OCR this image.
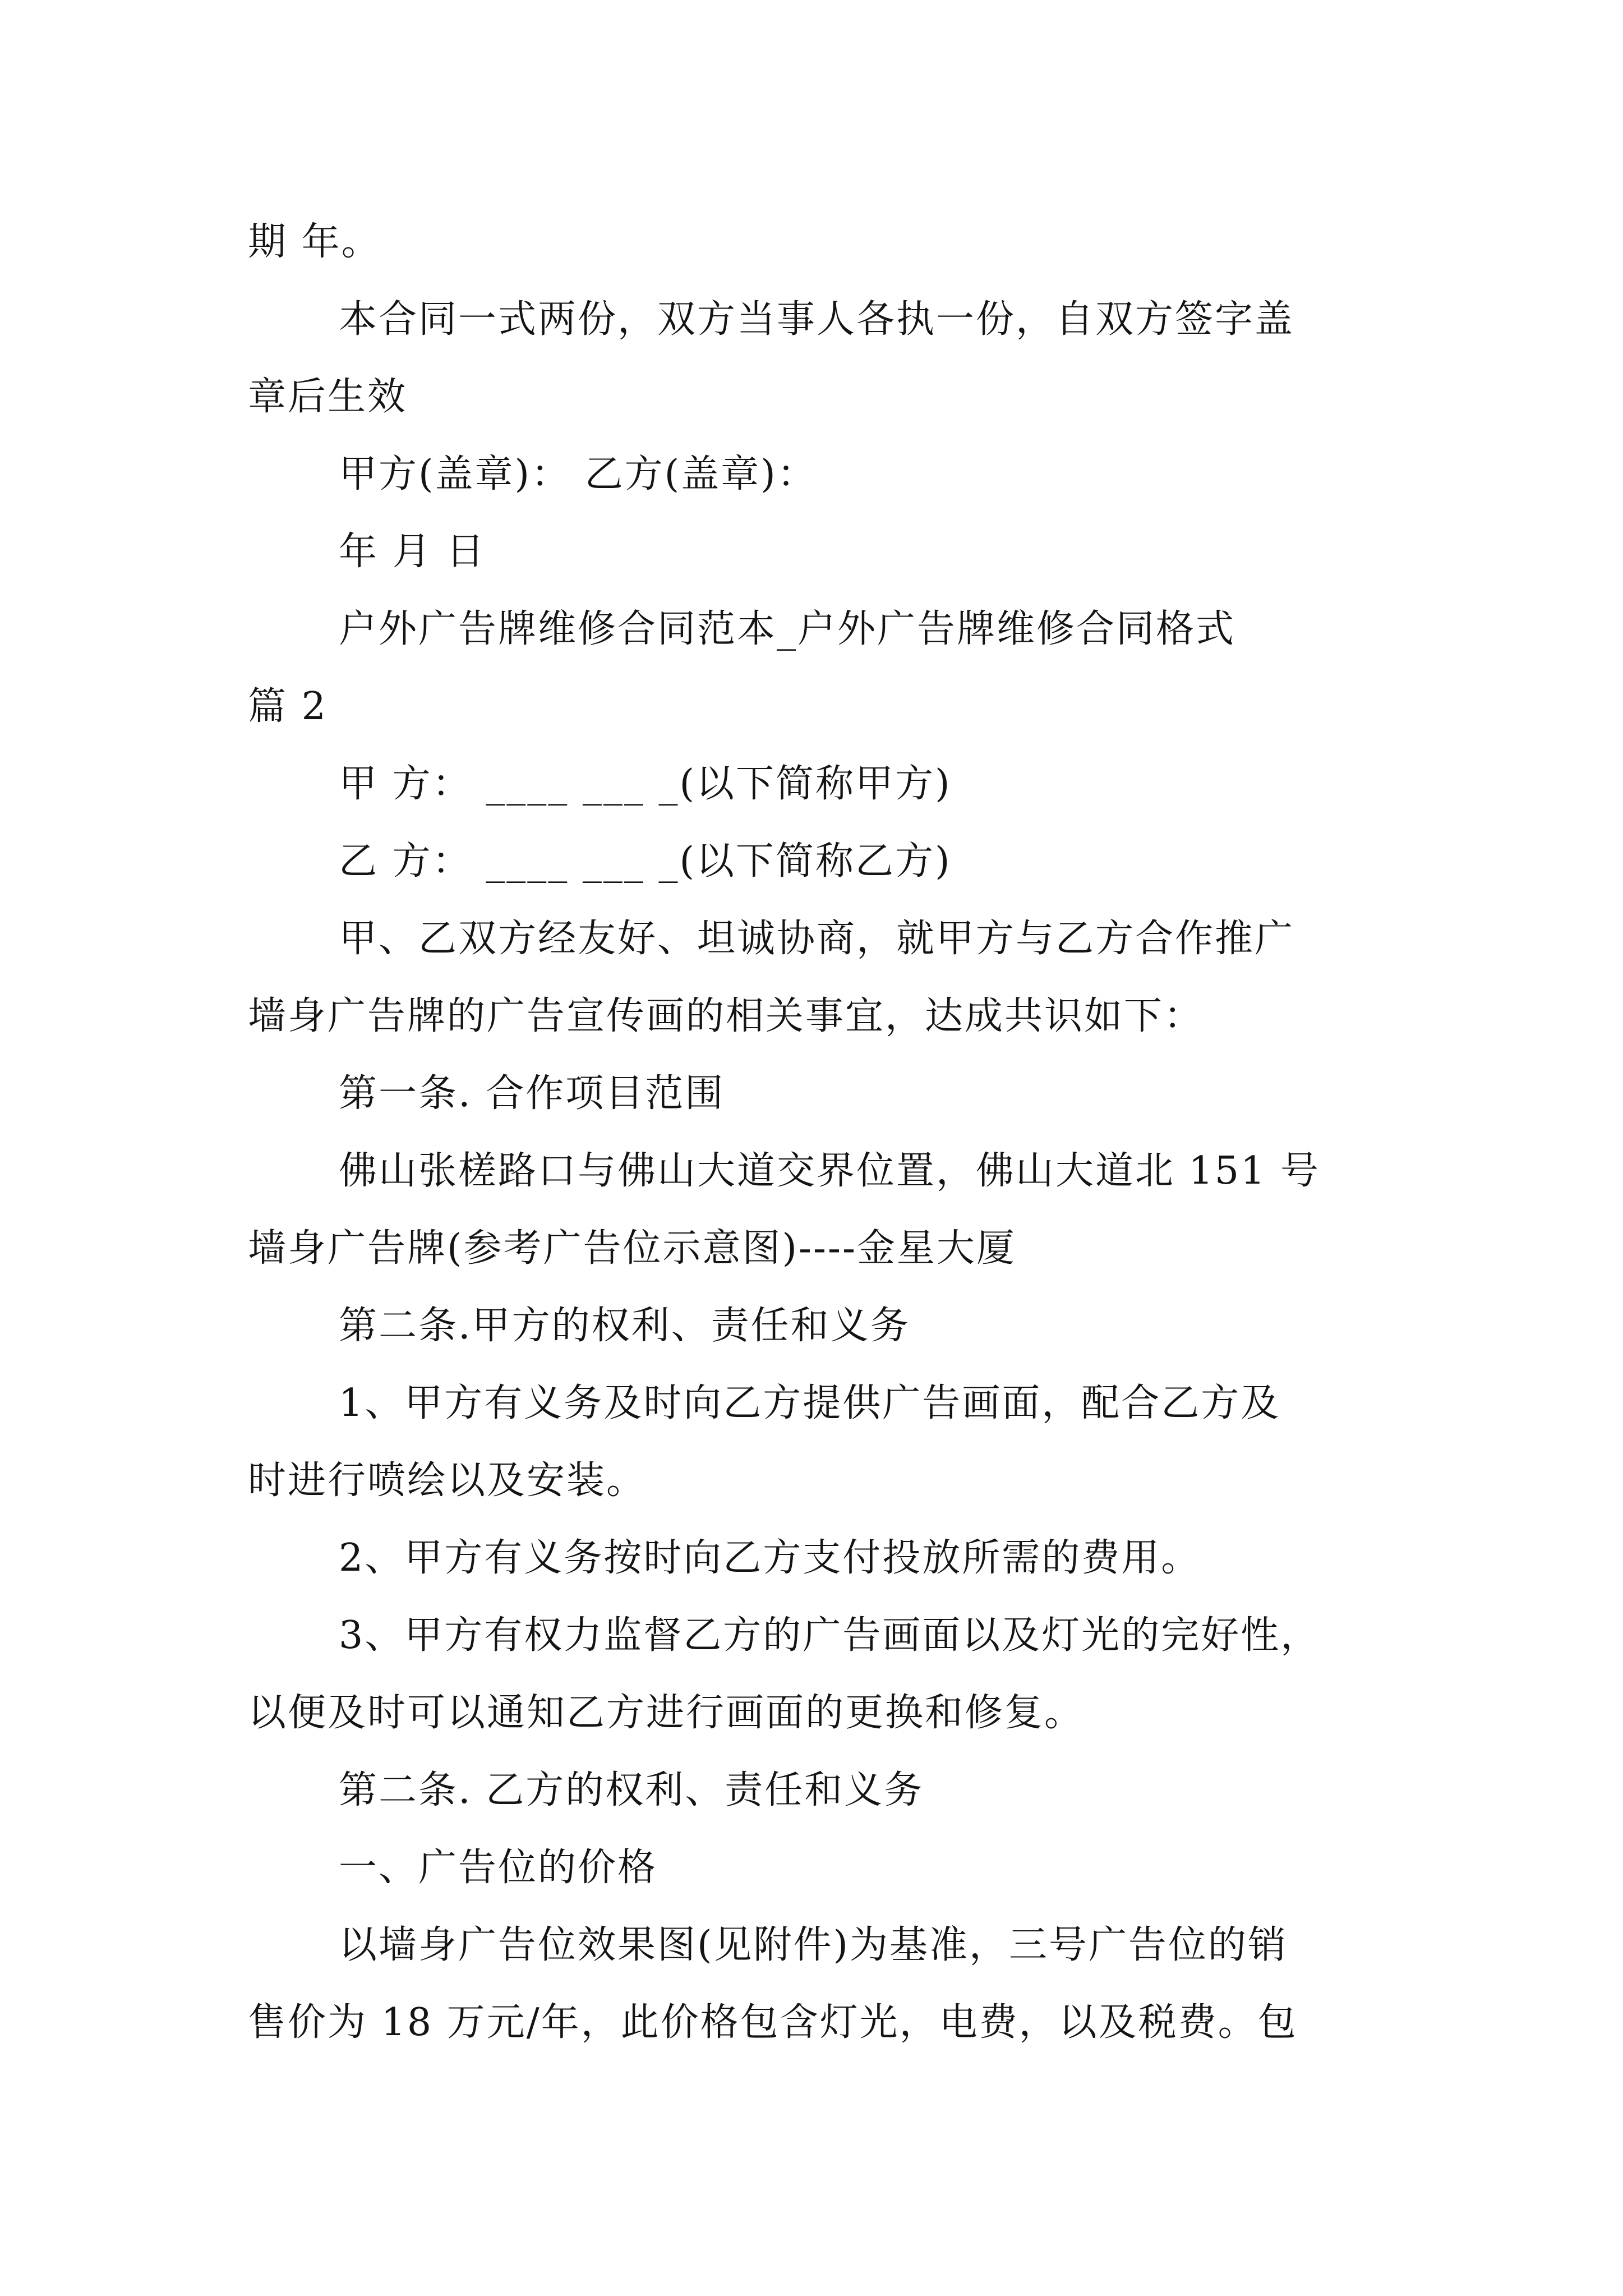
期 年。
本合同一式两份，双方当事人各执一份，自双方签字盖
章后生效
甲方(盖章)： 乙方(盖章)：
年 月 日
户外广告牌维修合同范本_户外广告牌维修合同格式
篇 2
甲 方： ____ ___ _(以下简称甲方)
乙 方： ____ ___ _(以下简称乙方)
甲、乙双方经友好、坦诚协商，就甲方与乙方合作推广
墙身广告牌的广告宣传画的相关事宜，达成共识如下：
第一条. 合作项目范围
佛山张槎路口与佛山大道交界位置，佛山大道北 151 号
墙身广告牌(参考广告位示意图)----金星大厦
第二条.甲方的权利、责任和义务
1、甲方有义务及时向乙方提供广告画面，配合乙方及
时进行喷绘以及安装。
2、甲方有义务按时向乙方支付投放所需的费用。
3、甲方有权力监督乙方的广告画面以及灯光的完好性，
以便及时可以通知乙方进行画面的更换和修复。
第二条. 乙方的权利、责任和义务
一、广告位的价格
以墙身广告位效果图(见附件)为基准，三号广告位的销
售价为 18 万元/年，此价格包含灯光，电费，以及税费。包
